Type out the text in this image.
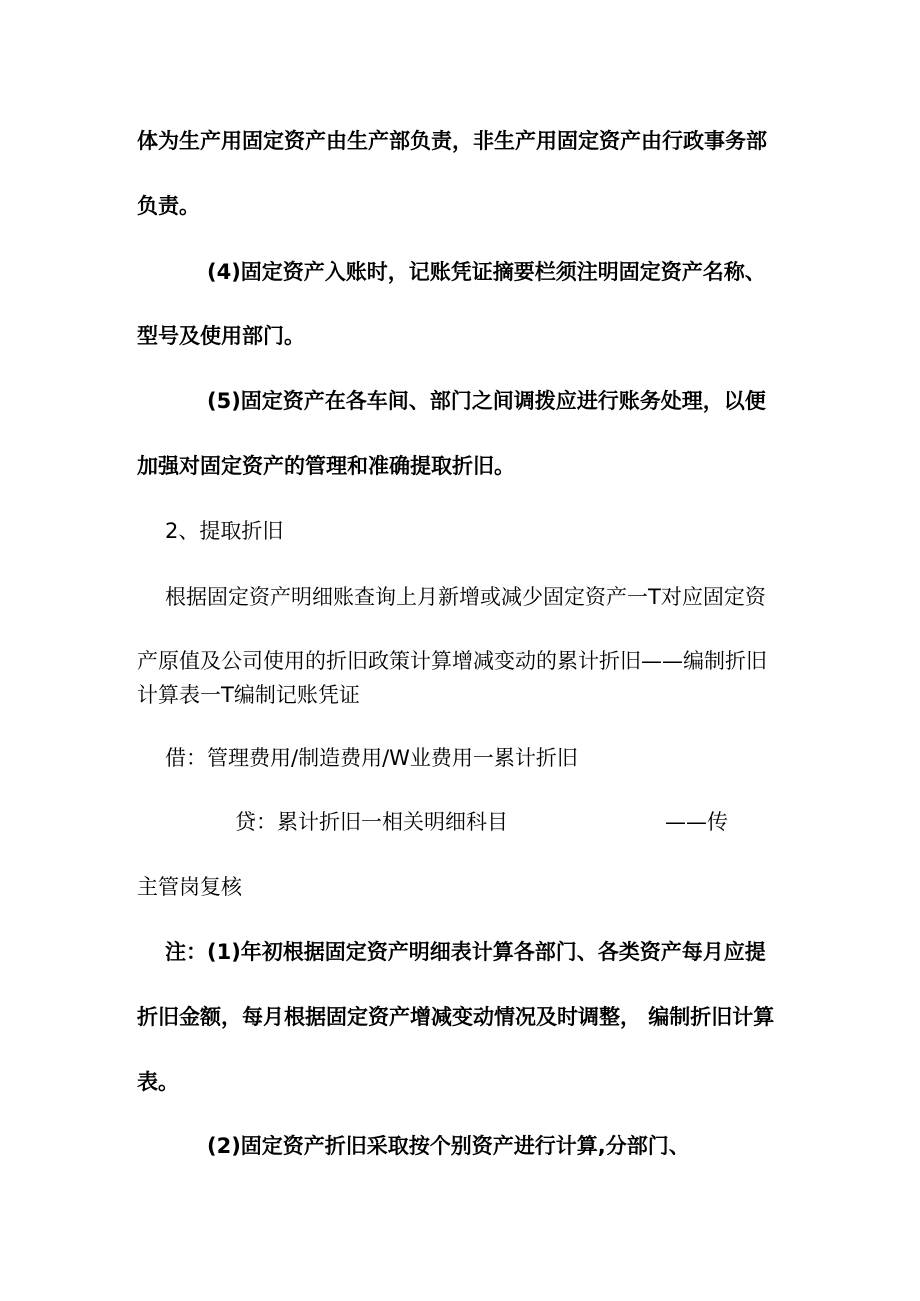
体为生产用固定资产由生产部负责，非生产用固定资产由行政事务部

负责。

(4)固定资产入账时，记账凭证摘要栏须注明固定资产名称、

型号及使用部门。

(5)固定资产在各车间、部门之间调拨应进行账务处理，以便

加强对固定资产的管理和准确提取折旧。

2、提取折旧

根据固定资产明细账查询上月新增或减少固定资产一T对应固定资

产原值及公司使用的折旧政策计算增减变动的累计折旧——编制折旧

计算表一T编制记账凭证

借：管理费用/制造费用/W业费用一累计折旧

贷：累计折旧一相关明细科目	——传

主管岗复核

注：(1)年初根据固定资产明细表计算各部门、各类资产每月应提

折旧金额，每月根据固定资产增减变动情况及时调整， 编制折旧计算

表。

(2)固定资产折旧采取按个别资产进行计算,分部门、
